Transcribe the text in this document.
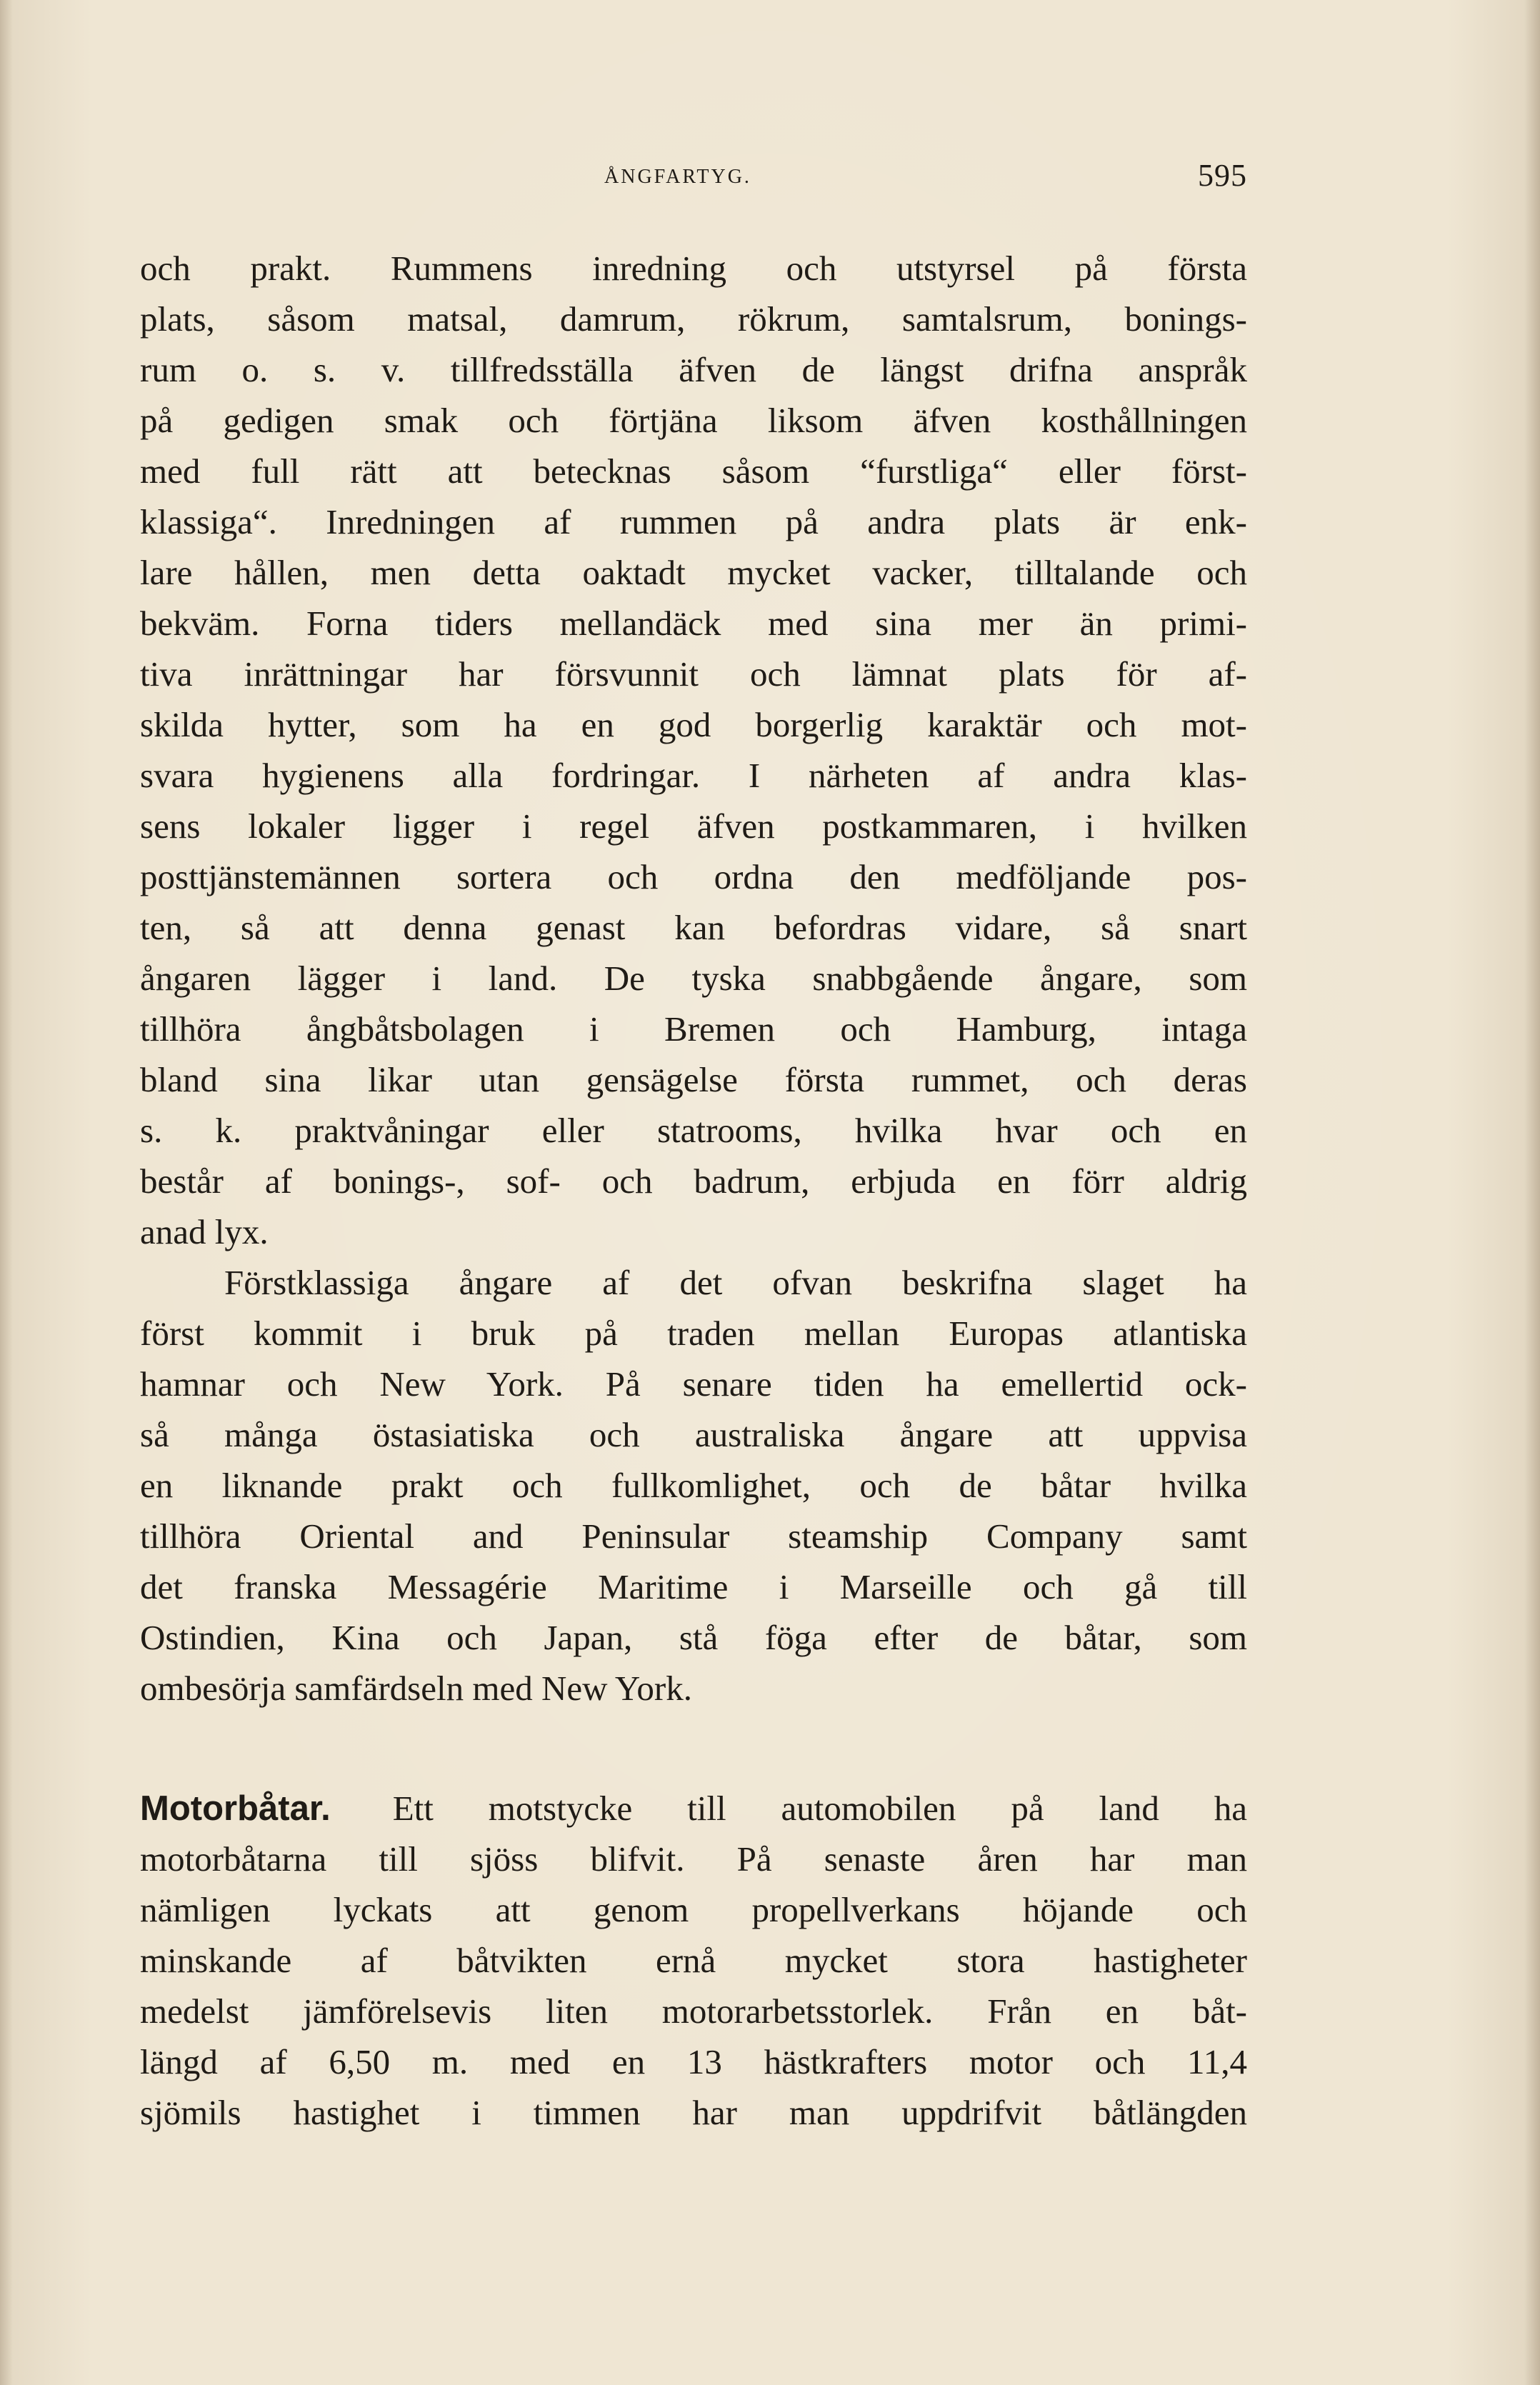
ÅNGFARTYG.	595
och prakt. Rummens inredning och utstyrsel på första
plats, såsom matsal, damrum, rökrum, samtalsrum, bonings-
rum o. s. v. tillfredsställa äfven de längst drifna anspråk
på gedigen smak och förtjäna liksom äfven kosthållningen
med full rätt att betecknas såsom “furstliga“ eller först-
klassiga“. Inredningen af rummen på andra plats är enk-
lare hållen, men detta oaktadt mycket vacker, tilltalande och
bekväm. Forna tiders mellandäck med sina mer än primi-
tiva inrättningar har försvunnit och lämnat plats för af-
skilda hytter, som ha en god borgerlig karaktär och mot-
svara hygienens alla fordringar. I närheten af andra klas-
sens lokaler ligger i regel äfven postkammaren, i hvilken
posttjänstemännen sortera och ordna den medföljande pos-
ten, så att denna genast kan befordras vidare, så snart
ångaren lägger i land. De tyska snabbgående ångare, som
tillhöra ångbåtsbolagen i Bremen och Hamburg, intaga
bland sina likar utan gensägelse första rummet, och deras
s. k. praktvåningar eller statrooms, hvilka hvar och en
består af bonings-, sof- och badrum, erbjuda en förr aldrig
anad lyx.
Förstklassiga ångare af det ofvan beskrifna slaget ha
först kommit i bruk på traden mellan Europas atlantiska
hamnar och New York. På senare tiden ha emellertid ock-
så många östasiatiska och australiska ångare att uppvisa
en liknande prakt och fullkomlighet, och de båtar hvilka
tillhöra Oriental and Peninsular steamship Company samt
det franska Messagérie Maritime i Marseille och gå till
Ostindien, Kina och Japan, stå föga efter de båtar, som
ombesörja samfärdseln med New York.
Motorbåtar. Ett motstycke till automobilen på land ha
motorbåtarna till sjöss blifvit. På senaste åren har man
nämligen lyckats att genom propellverkans höjande och
minskande af båtvikten ernå mycket stora hastigheter
medelst jämförelsevis liten motorarbetsstorlek. Från en båt-
längd af 6,50 m. med en 13 hästkrafters motor och 11,4
sjömils hastighet i timmen har man uppdrifvit båtlängden
